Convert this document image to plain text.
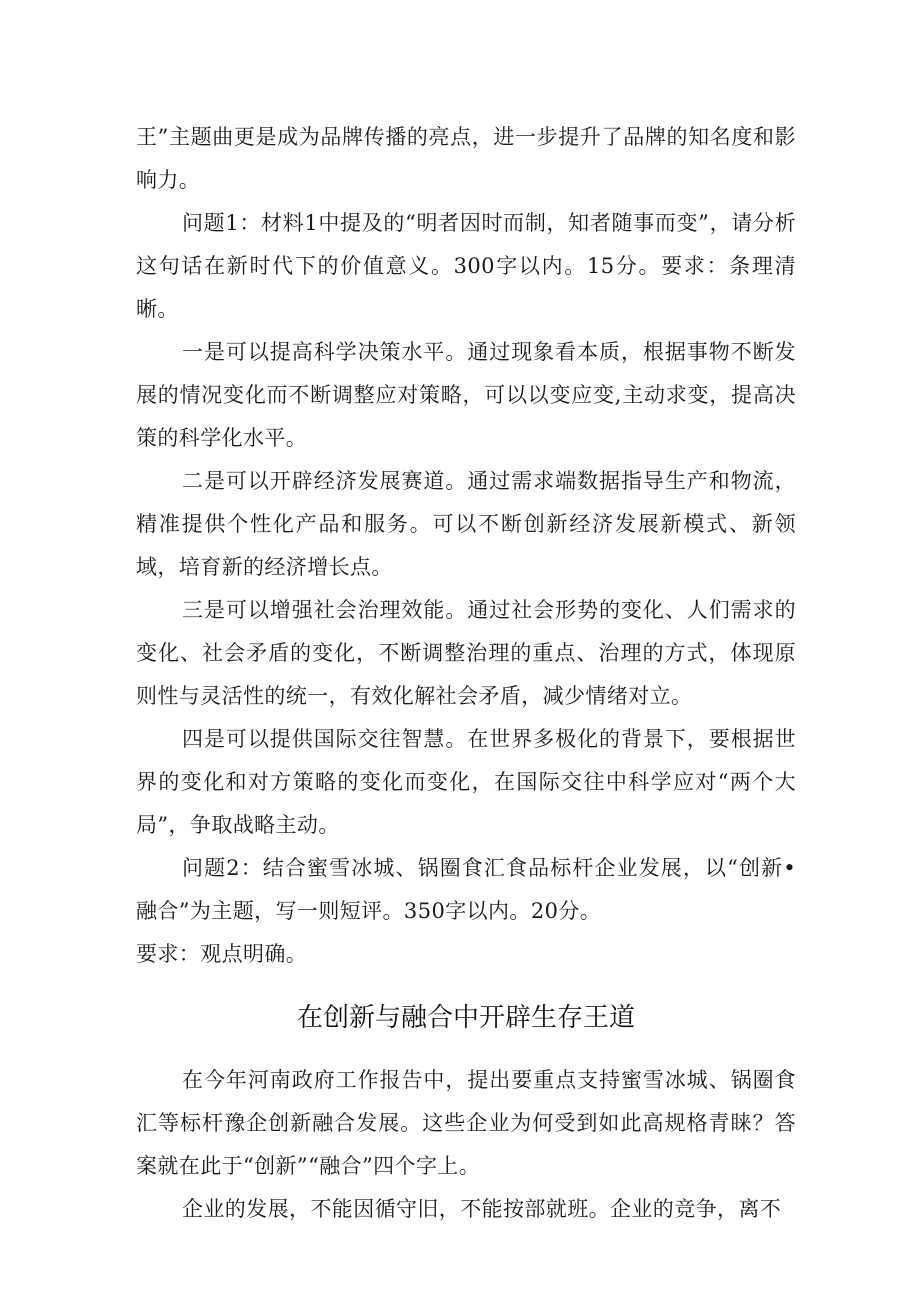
王”主题曲更是成为品牌传播的亮点，进一步提升了品牌的知名度和影响力。

问题1：材料1中提及的“明者因时而制，知者随事而变”，请分析这句话在新时代下的价值意义。300字以内。15分。要求：条理清晰。

一是可以提高科学决策水平。通过现象看本质，根据事物不断发展的情况变化而不断调整应对策略，可以以变应变,主动求变，提高决策的科学化水平。

二是可以开辟经济发展赛道。通过需求端数据指导生产和物流，精准提供个性化产品和服务。可以不断创新经济发展新模式、新领域，培育新的经济增长点。

三是可以增强社会治理效能。通过社会形势的变化、人们需求的变化、社会矛盾的变化，不断调整治理的重点、治理的方式，体现原则性与灵活性的统一，有效化解社会矛盾，减少情绪对立。

四是可以提供国际交往智慧。在世界多极化的背景下，要根据世界的变化和对方策略的变化而变化，在国际交往中科学应对“两个大局”，争取战略主动。

问题2：结合蜜雪冰城、锅圈食汇食品标杆企业发展，以“创新•融合”为主题，写一则短评。350字以内。20分。

要求：观点明确。

在创新与融合中开辟生存王道

在今年河南政府工作报告中，提出要重点支持蜜雪冰城、锅圈食汇等标杆豫企创新融合发展。这些企业为何受到如此高规格青睐？答案就在此于“创新”“融合”四个字上。

企业的发展，不能因循守旧，不能按部就班。企业的竞争，离不
